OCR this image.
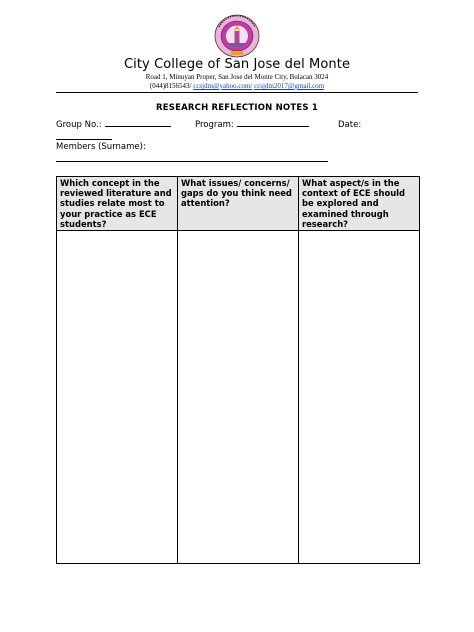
City College of San Jose del Monte
Road 1, Minuyan Proper, San Jose del Monte City, Bulacan 3024
(044)8156543/ ccsjdm@yahoo.com/ ccsjdm2017@gmail.com
RESEARCH REFLECTION NOTES 1
Group No.:	Program:	Date:
Members (Surname):
Which concept in the reviewed literature and studies relate most to your practice as ECE students?	What issues/ concerns/ gaps do you think need attention?	What aspect/s in the context of ECE should be explored and examined through research?
